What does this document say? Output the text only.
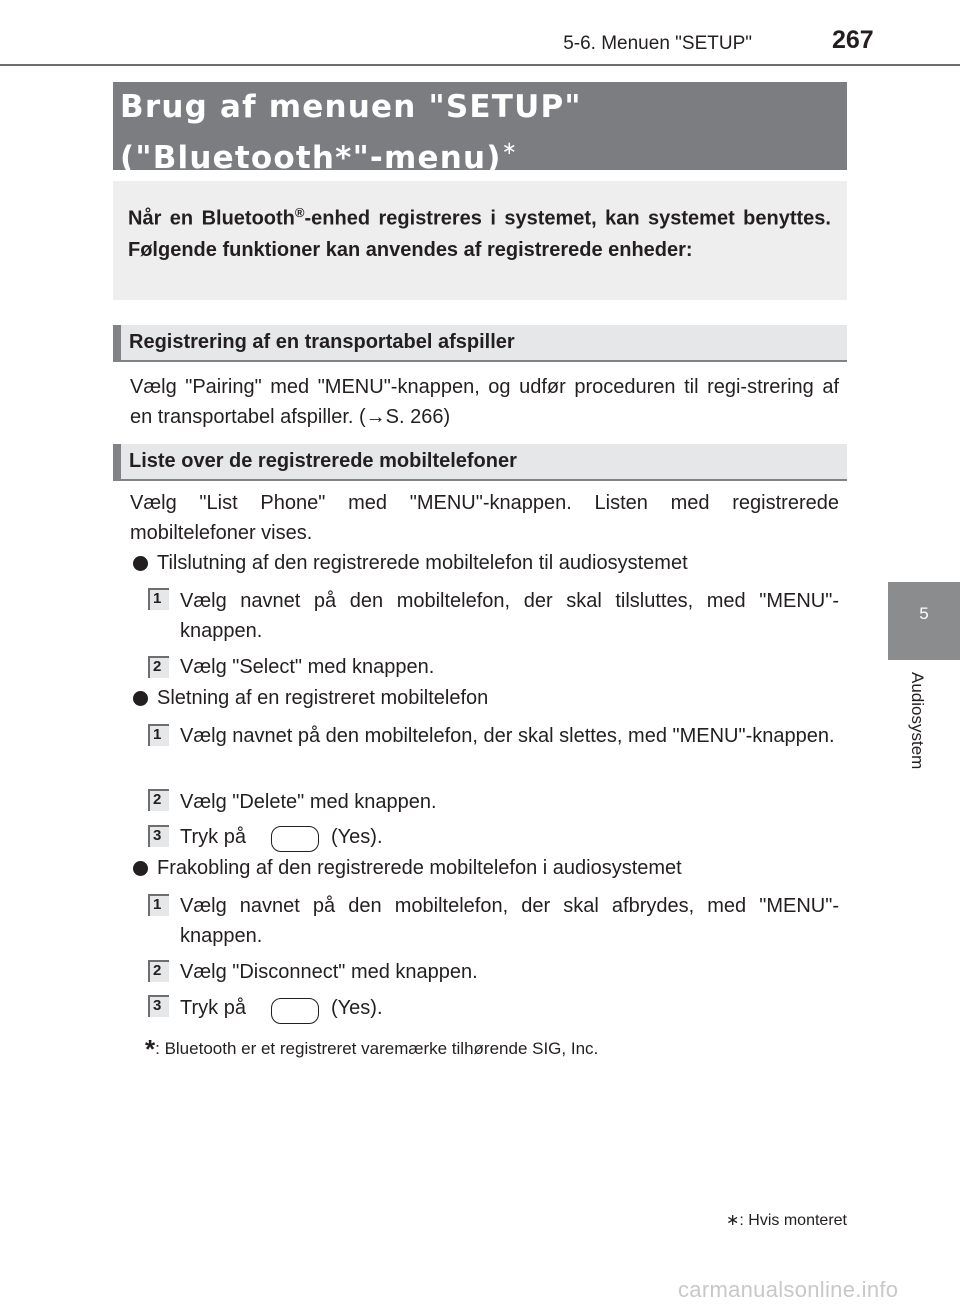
5-6. Menuen "SETUP"	267
5
Audiosystem
Brug af menuen "SETUP" ("Bluetooth*"-menu)∗
Når en Bluetooth®-enhed registreres i systemet, kan systemet benyttes. Følgende funktioner kan anvendes af registrerede enheder:
Registrering af en transportabel afspiller
Vælg "Pairing" med "MENU"-knappen, og udfør proceduren til regi-strering af en transportabel afspiller. (→S. 266)
Liste over de registrerede mobiltelefoner
Vælg "List Phone" med "MENU"-knappen. Listen med registrerede mobiltelefoner vises.
Tilslutning af den registrerede mobiltelefon til audiosystemet
1 Vælg navnet på den mobiltelefon, der skal tilsluttes, med "MENU"-knappen.
2 Vælg "Select" med knappen.
Sletning af en registreret mobiltelefon
1 Vælg navnet på den mobiltelefon, der skal slettes, med "MENU"-knappen.
2 Vælg "Delete" med knappen.
3 Tryk på	(Yes).
Frakobling af den registrerede mobiltelefon i audiosystemet
1 Vælg navnet på den mobiltelefon, der skal afbrydes, med "MENU"-knappen.
2 Vælg "Disconnect" med knappen.
3 Tryk på	(Yes).
*: Bluetooth er et registreret varemærke tilhørende SIG, Inc.
∗: Hvis monteret
carmanualsonline.info
